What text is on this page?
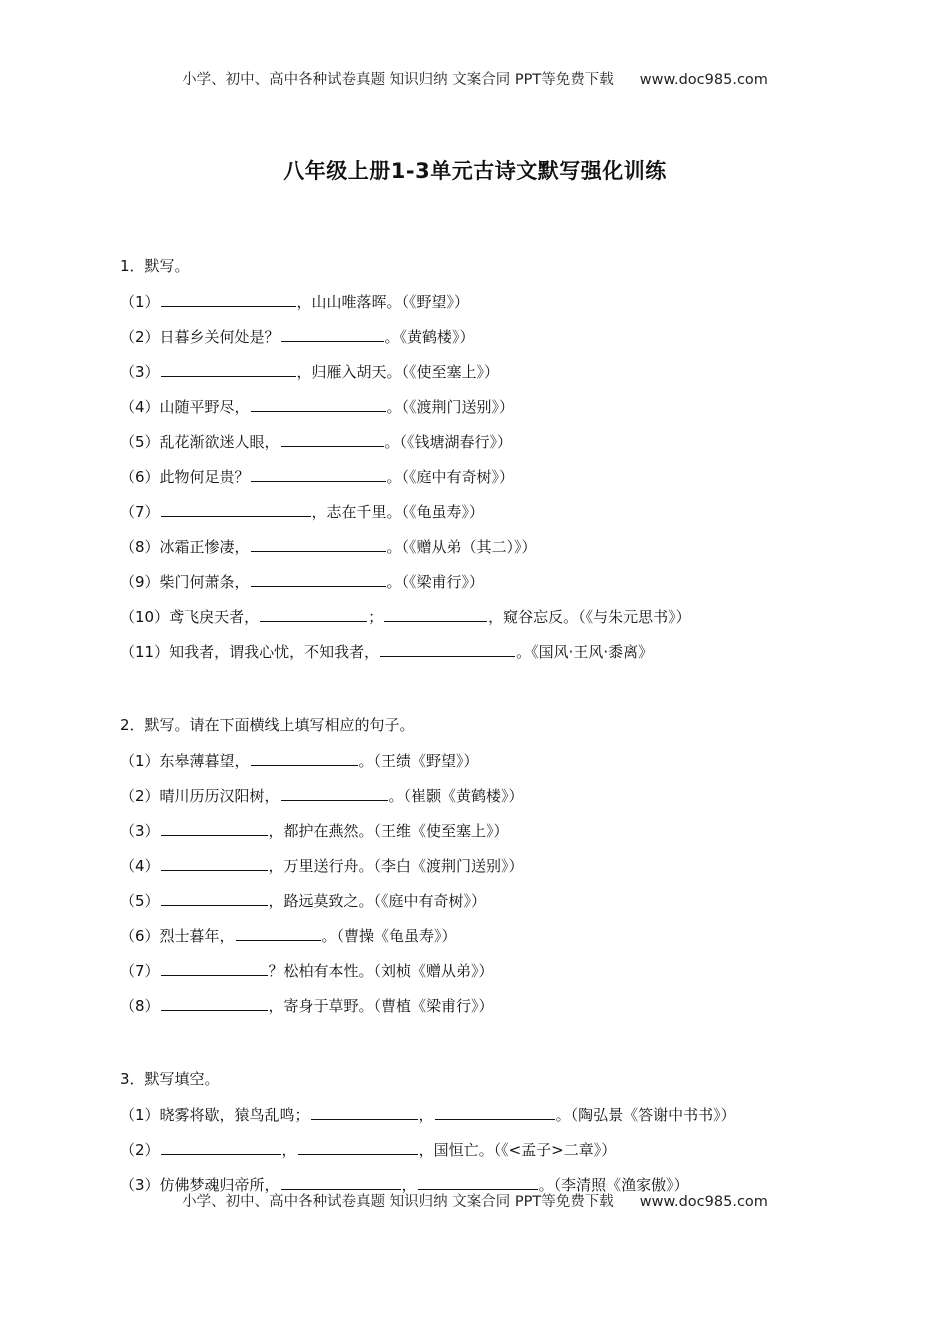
小学、初中、高中各种试卷真题 知识归纳 文案合同 PPT等免费下载 www.doc985.com
八年级上册1-3单元古诗文默写强化训练
1．默写。
（1）	，山山唯落晖。（《野望》）
（2）日暮乡关何处是？	。《黄鹤楼》）
（3）	，归雁入胡天。（《使至塞上》）
（4）山随平野尽，	。（《渡荆门送别》）
（5）乱花渐欲迷人眼，	。（《钱塘湖春行》）
（6）此物何足贵？	。（《庭中有奇树》）
（7）	，志在千里。（《龟虽寿》）
（8）冰霜正惨凄，	。（《赠从弟（其二）》）
（9）柴门何萧条，	。（《梁甫行》）
（10）鸢飞戾天者，	；	，窥谷忘反。（《与朱元思书》）
（11）知我者，谓我心忧，不知我者，	。《国风·王风·黍离》
2．默写。请在下面横线上填写相应的句子。
（1）东皋薄暮望，	。（王绩《野望》）
（2）晴川历历汉阳树，	。（崔颢《黄鹤楼》）
（3）	，都护在燕然。（王维《使至塞上》）
（4）	，万里送行舟。（李白《渡荆门送别》）
（5）	，路远莫致之。（《庭中有奇树》）
（6）烈士暮年，	。（曹操《龟虽寿》）
（7）	？松柏有本性。（刘桢《赠从弟》）
（8）	，寄身于草野。（曹植《梁甫行》）
3．默写填空。
（1）晓雾将歇，猿鸟乱鸣；	，	。（陶弘景《答谢中书书》）
（2）	，	，国恒亡。（《<孟子>二章》）
（3）仿佛梦魂归帝所，	，	。（李清照《渔家傲》）
小学、初中、高中各种试卷真题 知识归纳 文案合同 PPT等免费下载 www.doc985.com
